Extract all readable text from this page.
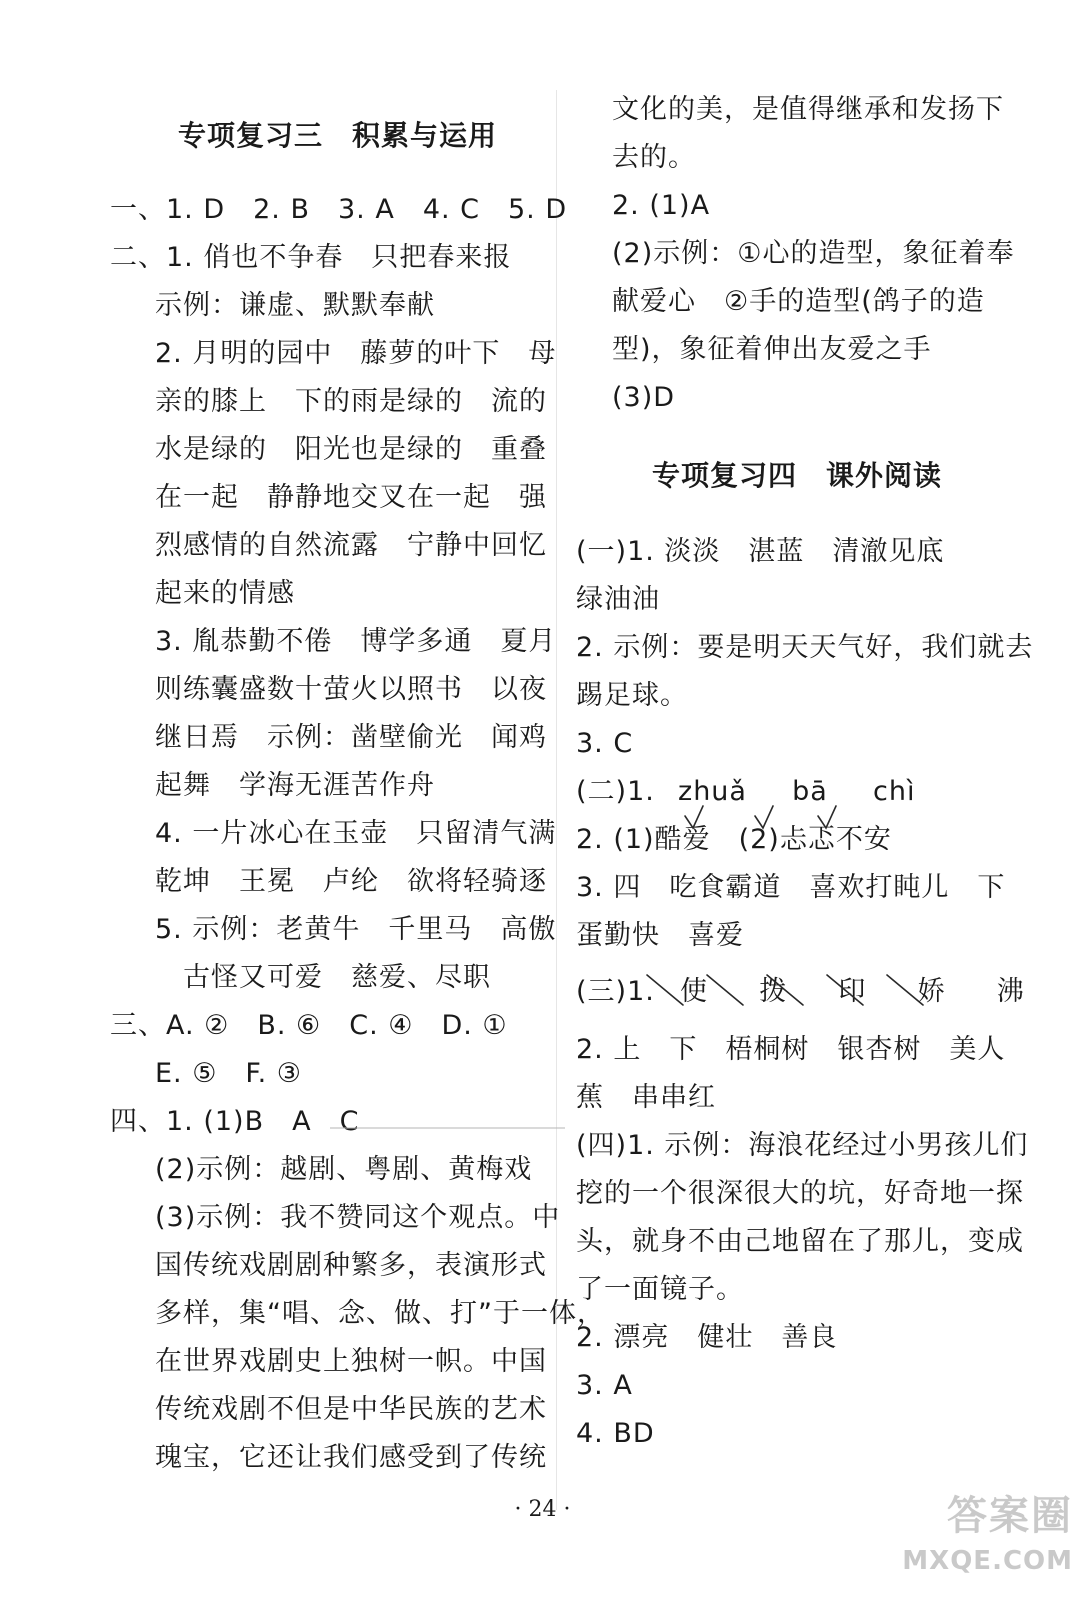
专项复习三　积累与运用
一、1. D　2. B　3. A　4. C　5. D
二、1. 俏也不争春　只把春来报
示例：谦虚、默默奉献
2. 月明的园中　藤萝的叶下　母
亲的膝上　下的雨是绿的　流的
水是绿的　阳光也是绿的　重叠
在一起　静静地交叉在一起　强
烈感情的自然流露　宁静中回忆
起来的情感
3. 胤恭勤不倦　博学多通　夏月
则练囊盛数十萤火以照书　以夜
继日焉　示例：凿壁偷光　闻鸡
起舞　学海无涯苦作舟
4. 一片冰心在玉壶　只留清气满
乾坤　王冕　卢纶　欲将轻骑逐
5. 示例：老黄牛　千里马　高傲
古怪又可爱　慈爱、尽职
三、A. ②　B. ⑥　C. ④　D. ①
E. ⑤　F. ③
四、1. (1)B　A　C
(2)示例：越剧、粤剧、黄梅戏
(3)示例：我不赞同这个观点。中
国传统戏剧剧种繁多，表演形式
多样，集“唱、念、做、打”于一体，
在世界戏剧史上独树一帜。中国
传统戏剧不但是中华民族的艺术
瑰宝，它还让我们感受到了传统
文化的美，是值得继承和发扬下
去的。
2. (1)A
(2)示例：①心的造型，象征着奉
献爱心　②手的造型(鸽子的造
型)，象征着伸出友爱之手
(3)D
专项复习四　课外阅读
(一)1. 淡淡　湛蓝　清澈见底
绿油油
2. 示例：要是明天天气好，我们就去
踢足球。
3. C
(二)1. zhuǎ bā chì
2. (1)酷爱　(2)忐忑不安
3. 四　吃食霸道　喜欢打盹儿　下
蛋勤快　喜爱
(三)1. 使 拨 印 娇 沸
2. 上　下　梧桐树　银杏树　美人
蕉　串串红
(四)1. 示例：海浪花经过小男孩儿们
挖的一个很深很大的坑，好奇地一探
头，就身不由己地留在了那儿，变成
了一面镜子。
2. 漂亮　健壮　善良
3. A
4. BD
· 24 ·	答案圈
MXQE.COM
